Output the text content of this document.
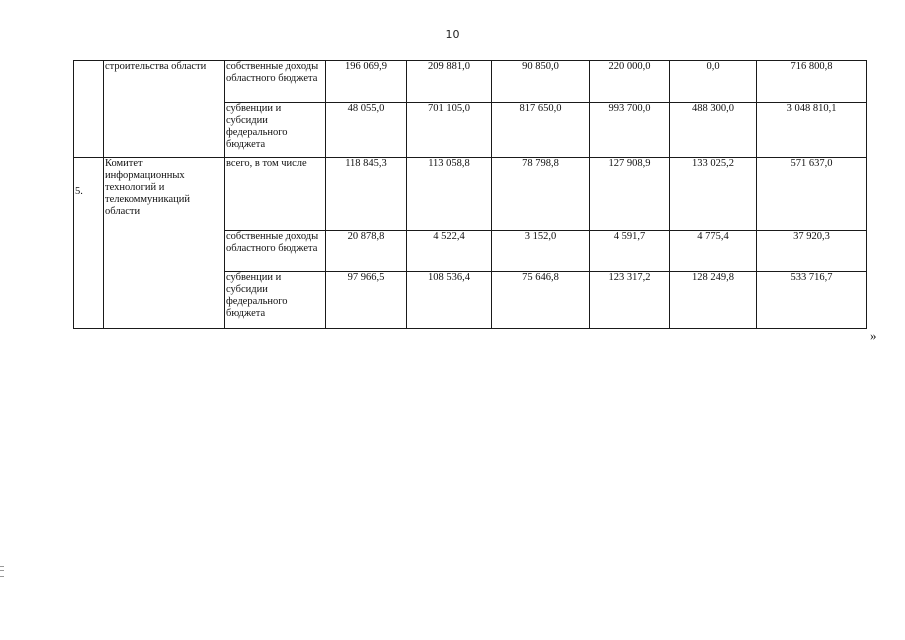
10
	строительства области	собственные доходы областного бюджета	196 069,9	209 881,0	90 850,0	220 000,0	0,0	716 800,8
		субвенции и субсидии федерального бюджета	48 055,0	701 105,0	817 650,0	993 700,0	488 300,0	3 048 810,1
5.	Комитет информационных технологий и телекоммуникаций области	всего, в том числе	118 845,3	113 058,8	78 798,8	127 908,9	133 025,2	571 637,0
		собственные доходы областного бюджета	20 878,8	4 522,4	3 152,0	4 591,7	4 775,4	37 920,3
		субвенции и субсидии федерального бюджета	97 966,5	108 536,4	75 646,8	123 317,2	128 249,8	533 716,7
»
